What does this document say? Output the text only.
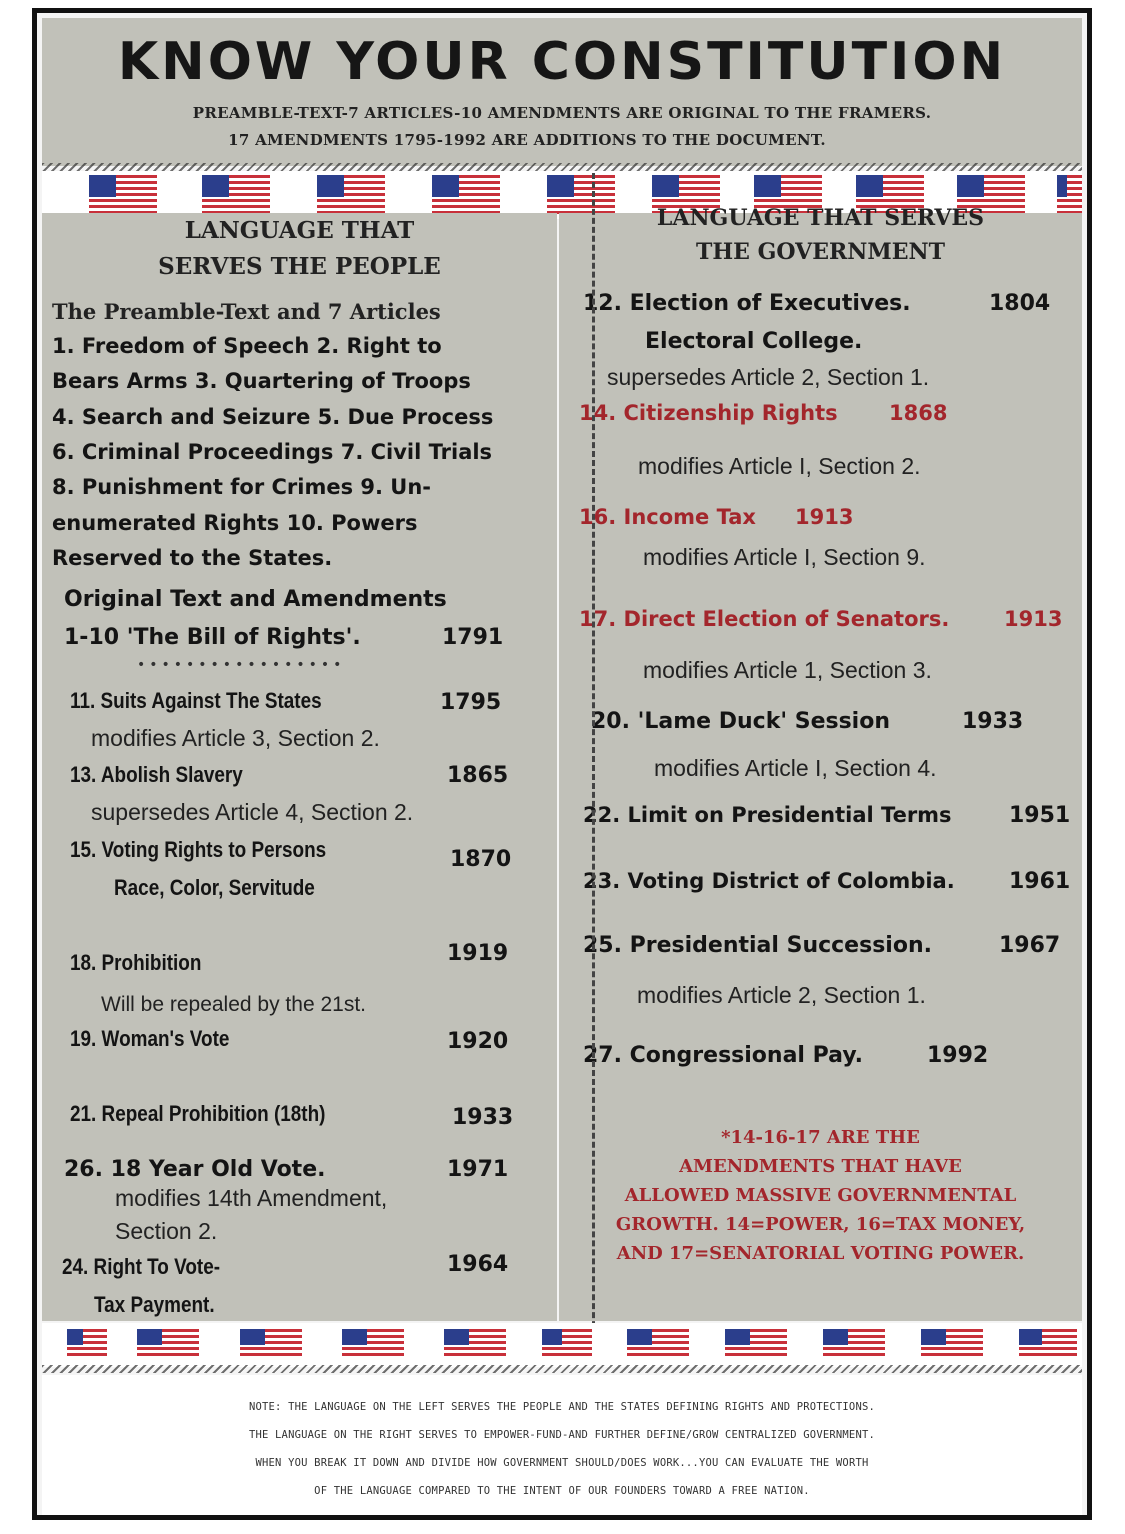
KNOW YOUR CONSTITUTION
PREAMBLE-TEXT-7 ARTICLES-10 AMENDMENTS ARE ORIGINAL TO THE FRAMERS.
17 AMENDMENTS 1795-1992 ARE ADDITIONS TO THE DOCUMENT.
LANGUAGE THAT
SERVES THE PEOPLE
The Preamble-Text and 7 Articles
1. Freedom of Speech 2. Right to
Bears Arms 3. Quartering of Troops
4. Search and Seizure 5. Due Process
6. Criminal Proceedings 7. Civil Trials
8. Punishment for Crimes 9. Un-
enumerated Rights 10. Powers
Reserved to the States.
Original Text and Amendments
1-10 'The Bill of Rights'.	1791
•••••••••••••••••
11. Suits Against The States	1795
modifies Article 3, Section 2.
13. Abolish Slavery	1865
supersedes Article 4, Section 2.
15. Voting Rights to Persons	1870
Race, Color, Servitude
18. Prohibition	1919
Will be repealed by the 21st.
19. Woman's Vote	1920
21. Repeal Prohibition (18th)	1933
26. 18 Year Old Vote.	1971
modifies 14th Amendment,
Section 2.
24. Right To Vote-	1964
Tax Payment.
LANGUAGE THAT SERVES
THE GOVERNMENT
12. Election of Executives.	1804
Electoral College.
supersedes Article 2, Section 1.
14. Citizenship Rights 1868
modifies Article I, Section 2.
16. Income Tax 1913
modifies Article I, Section 9.
17. Direct Election of Senators.	1913
modifies Article 1, Section 3.
20. 'Lame Duck' Session	1933
modifies Article I, Section 4.
22. Limit on Presidential Terms	1951
23. Voting District of Colombia. 1961
25. Presidential Succession.	1967
modifies Article 2, Section 1.
27. Congressional Pay.	1992
*14-16-17 ARE THE
AMENDMENTS THAT HAVE
ALLOWED MASSIVE GOVERNMENTAL
GROWTH. 14=POWER, 16=TAX MONEY,
AND 17=SENATORIAL VOTING POWER.
NOTE: THE LANGUAGE ON THE LEFT SERVES THE PEOPLE AND THE STATES DEFINING RIGHTS AND PROTECTIONS.
THE LANGUAGE ON THE RIGHT SERVES TO EMPOWER-FUND-AND FURTHER DEFINE/GROW CENTRALIZED GOVERNMENT.
WHEN YOU BREAK IT DOWN AND DIVIDE HOW GOVERNMENT SHOULD/DOES WORK...YOU CAN EVALUATE THE WORTH
OF THE LANGUAGE COMPARED TO THE INTENT OF OUR FOUNDERS TOWARD A FREE NATION.
